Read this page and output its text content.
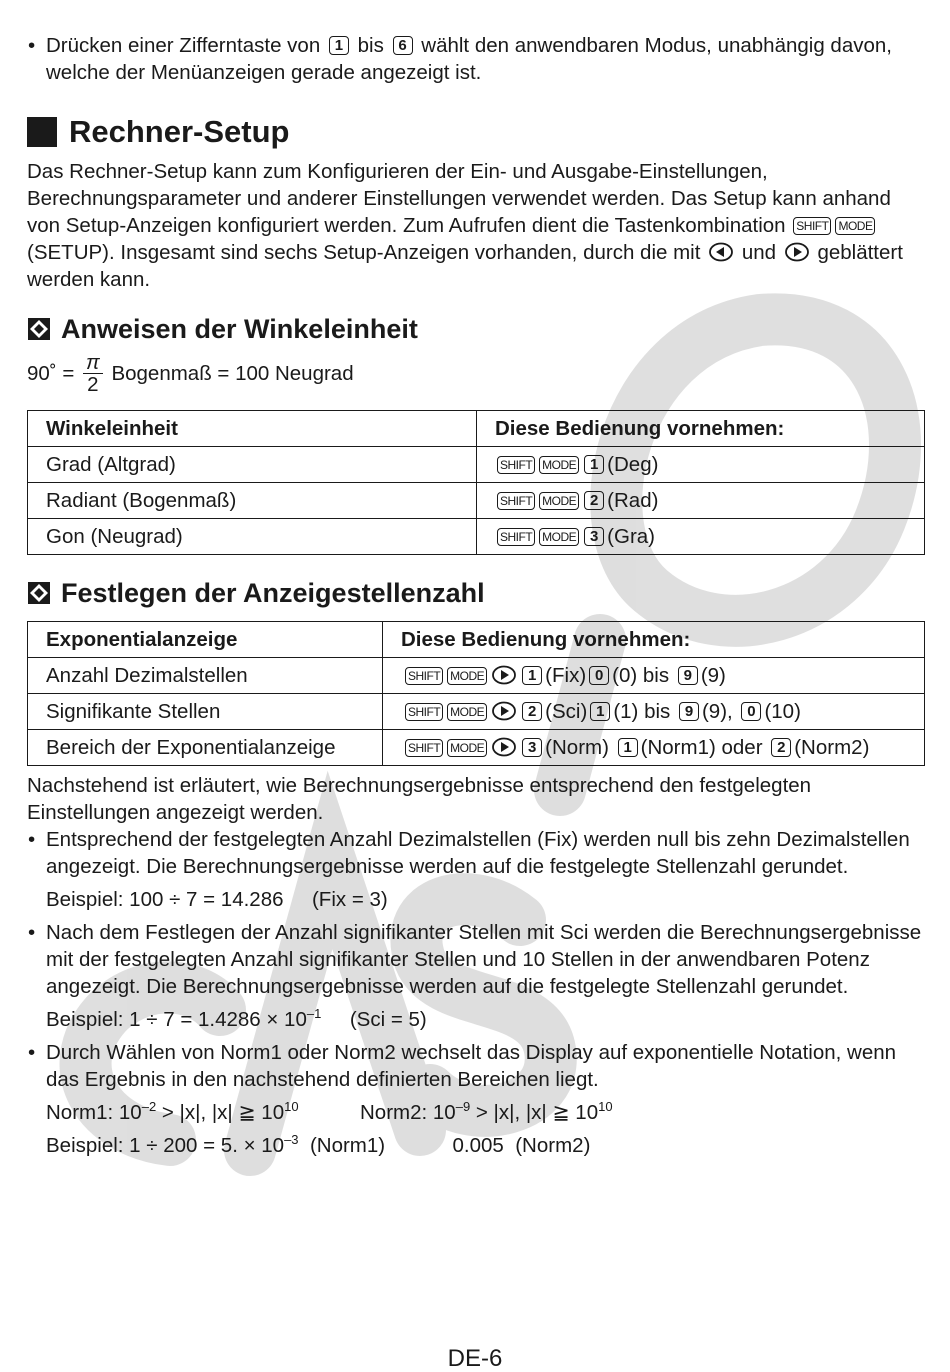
• Drücken einer Zifferntaste von 1 bis 6 wählt den anwendbaren Modus, unabhängig davon, welche der Menüanzeigen gerade angezeigt ist.

Rechner-Setup

Das Rechner-Setup kann zum Konfigurieren der Ein- und Ausgabe-Einstellungen, Berechnungsparameter und anderer Einstellungen verwendet werden. Das Setup kann anhand von Setup-Anzeigen konfiguriert werden. Zum Aufrufen dient die Tastenkombination SHIFT MODE(SETUP). Insgesamt sind sechs Setup-Anzeigen vorhanden, durch die mit und geblättert werden kann.

Anweisen der Winkeleinheit

90˚ = $\frac{\pi}{2}$ Bogenmaß = 100 Neugrad

Winkeleinheit	Diese Bedienung vornehmen:
Grad (Altgrad)	SHIFT MODE 1 (Deg)
Radiant (Bogenmaß)	SHIFT MODE 2 (Rad)
Gon (Neugrad)	SHIFT MODE 3 (Gra)
Festlegen der Anzeigestellenzahl
Exponentialanzeige	Diese Bedienung vornehmen:
Anzahl Dezimalstellen	SHIFT MODE 1 (Fix) 0 (0) bis 9 (9)
Signifikante Stellen	SHIFT MODE 2 (Sci) 1 (1) bis 9 (9), 0 (10)
Bereich der Exponentialanzeige	SHIFT MODE 3 (Norm) 1 (Norm1) oder 2 (Norm2)

Nachstehend ist erläutert, wie Berechnungsergebnisse entsprechend den festgelegten Einstellungen angezeigt werden.

• Entsprechend der festgelegten Anzahl Dezimalstellen (Fix) werden null bis zehn Dezimalstellen angezeigt. Die Berechnungsergebnisse werden auf die festgelegte Stellenzahl gerundet.

Beispiel: 100 ÷ 7 = 14.286 (Fix = 3)

• Nach dem Festlegen der Anzahl signifikanter Stellen mit Sci werden die Berechnungsergebnisse mit der festgelegten Anzahl signifikanter Stellen und 10 Stellen in der anwendbaren Potenz angezeigt. Die Berechnungsergebnisse werden auf die festgelegte Stellenzahl gerundet.

Beispiel: $1 \div 7 = 1.4286 \times 10^{-1}$ (Sci = 5)

• Durch Wählen von Norm1 oder Norm2 wechselt das Display auf exponentielle Notation, wenn das Ergebnis in den nachstehend definierten Bereichen liegt.

Norm1: $10^{-2} > |x|$, |x| ≧ $10^{10}$	Norm2: $10^{-9} > |x|$, |x| ≧ $10^{10}$

Beispiel: 1 ÷ 200 = 5. × $10^{-3}$ (Norm1)	0.005 (Norm2)

DE-6
